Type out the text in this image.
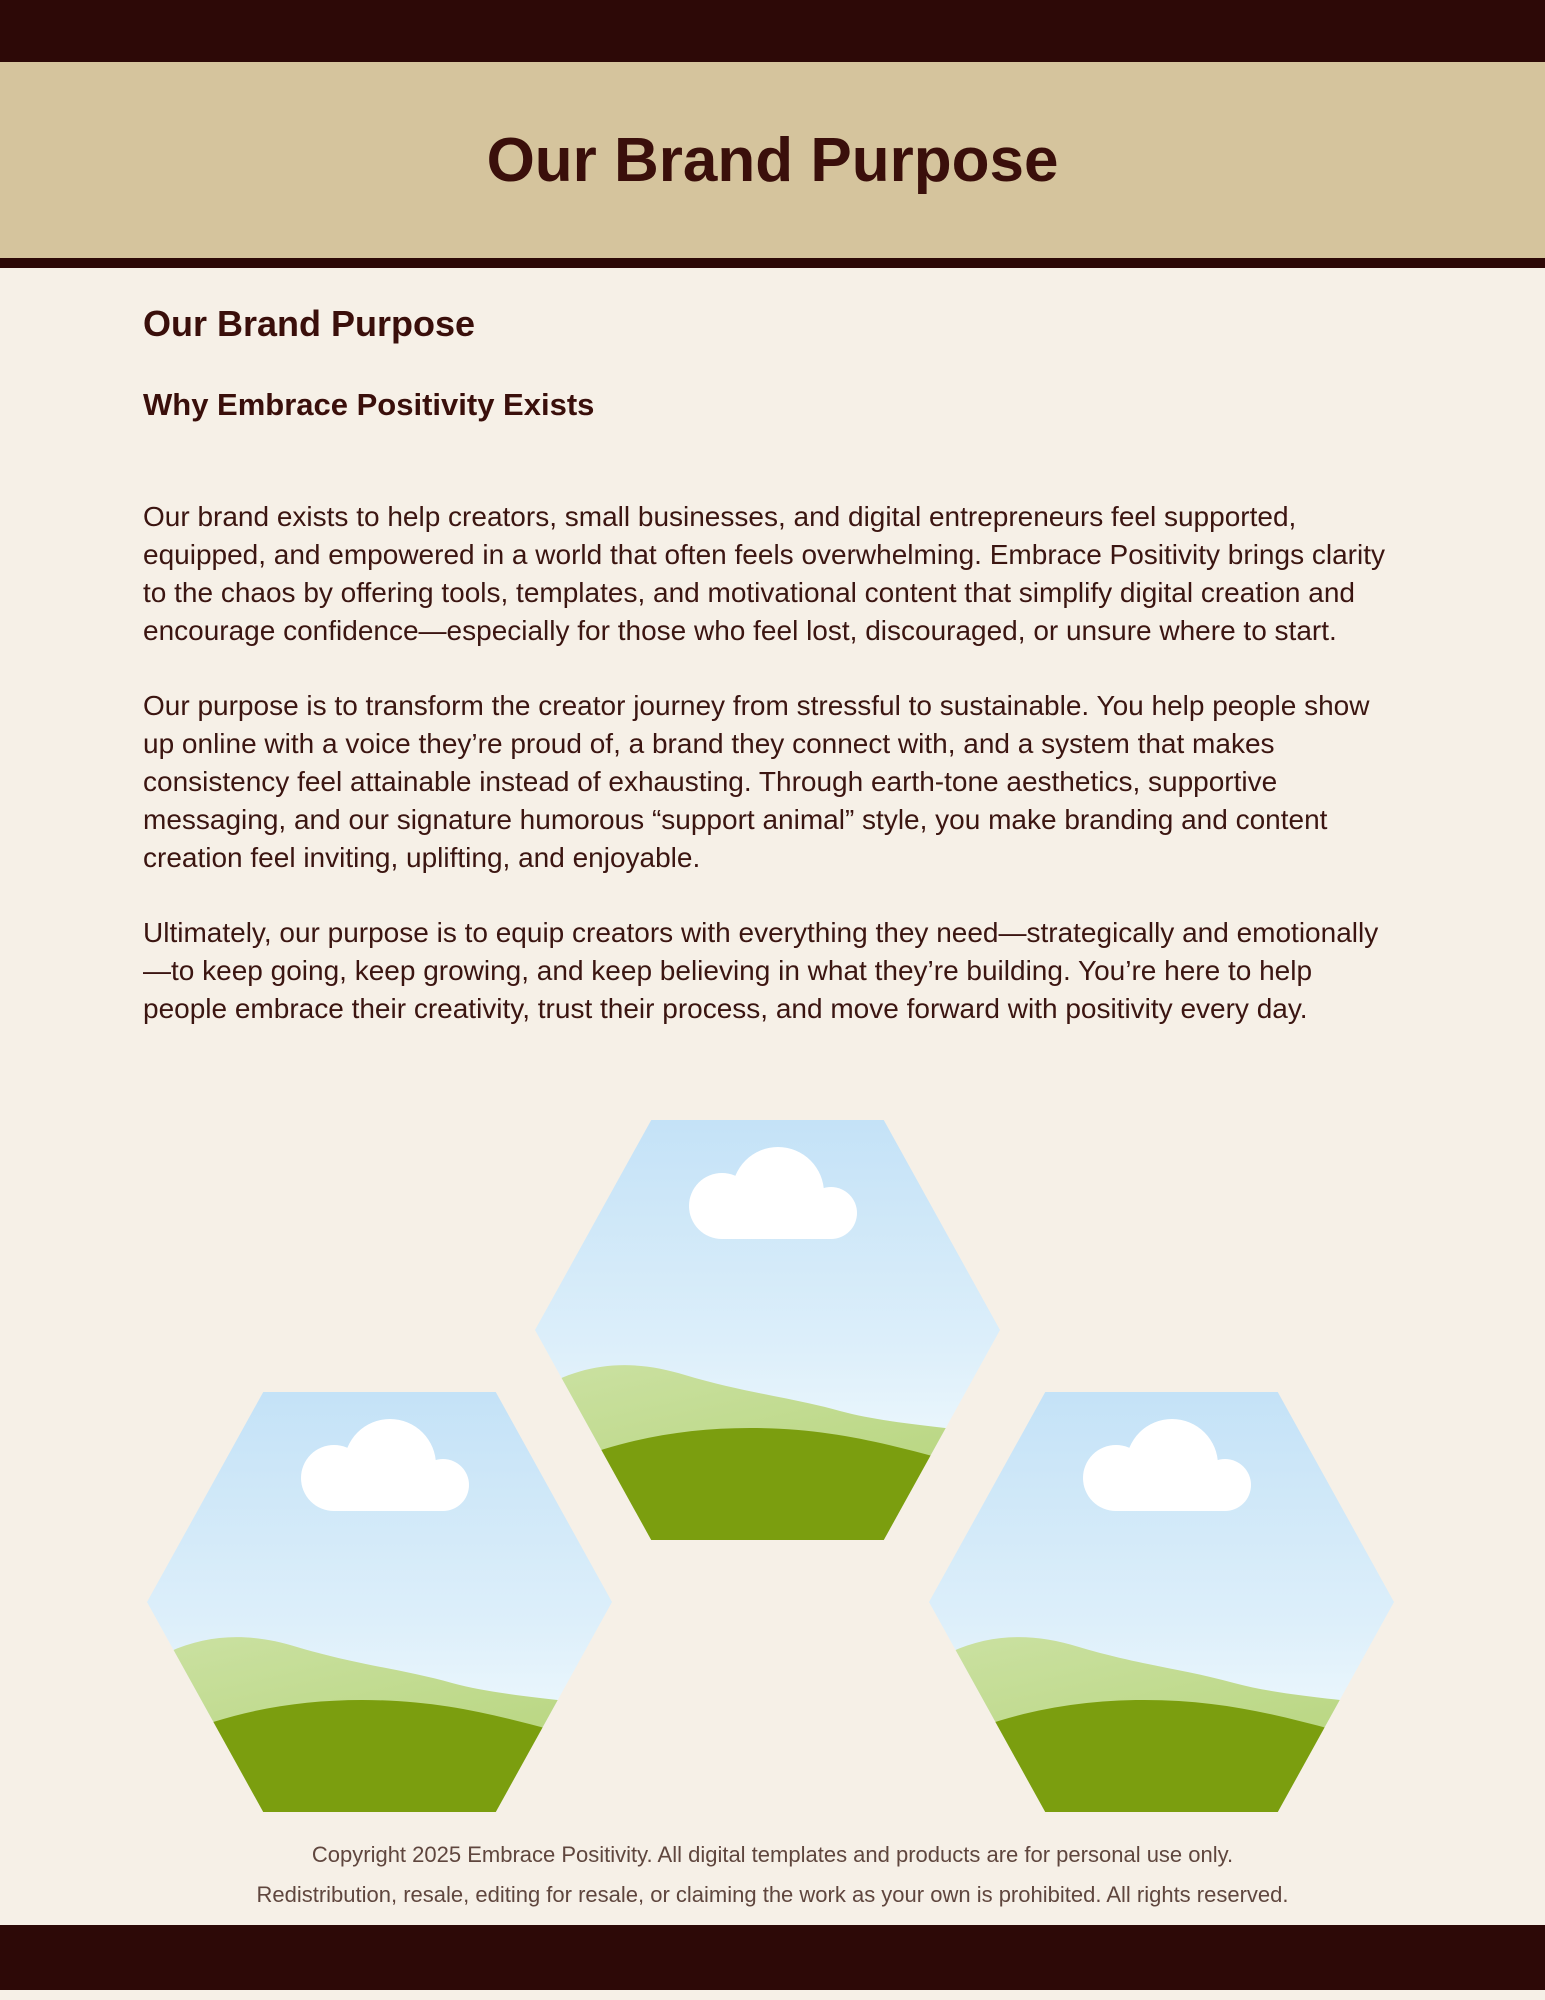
Our Brand Purpose
Our Brand Purpose
Why Embrace Positivity Exists

Our brand exists to help creators, small businesses, and digital entrepreneurs feel supported, equipped, and empowered in a world that often feels overwhelming. Embrace Positivity brings clarity to the chaos by offering tools, templates, and motivational content that simplify digital creation and encourage confidence—especially for those who feel lost, discouraged, or unsure where to start.

Our purpose is to transform the creator journey from stressful to sustainable. You help people show up online with a voice they’re proud of, a brand they connect with, and a system that makes consistency feel attainable instead of exhausting. Through earth-tone aesthetics, supportive messaging, and our signature humorous “support animal” style, you make branding and content creation feel inviting, uplifting, and enjoyable.

Ultimately, our purpose is to equip creators with everything they need—strategically and emotionally—to keep going, keep growing, and keep believing in what they’re building. You’re here to help people embrace their creativity, trust their process, and move forward with positivity every day.

Copyright 2025 Embrace Positivity. All digital templates and products are for personal use only.
Redistribution, resale, editing for resale, or claiming the work as your own is prohibited. All rights reserved.
